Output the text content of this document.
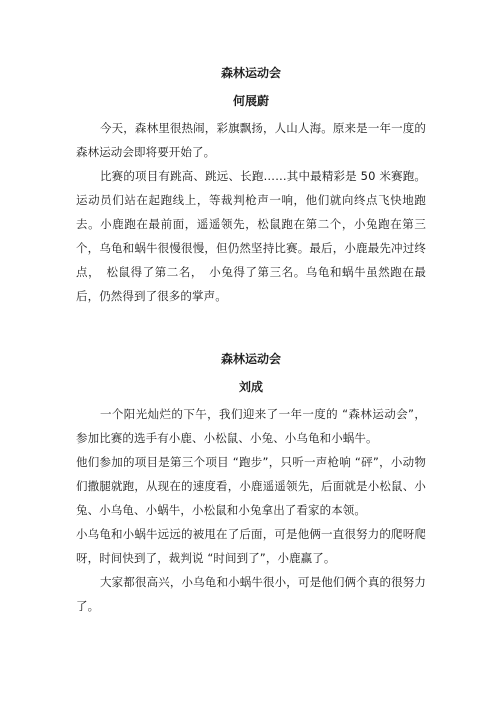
森林运动会
何展蔚

今天，森林里很热闹，彩旗飘扬，人山人海。原来是一年一度的森林运动会即将要开始了。

比赛的项目有跳高、跳远、长跑……其中最精彩是 50 米赛跑。运动员们站在起跑线上，等裁判枪声一响，他们就向终点飞快地跑去。小鹿跑在最前面，遥遥领先，松鼠跑在第二个，小兔跑在第三个，乌龟和蜗牛很慢很慢，但仍然坚持比赛。最后，小鹿最先冲过终点，　松鼠得了第二名，　小兔得了第三名。乌龟和蜗牛虽然跑在最后，仍然得到了很多的掌声。

森林运动会
刘成

一个阳光灿烂的下午，我们迎来了一年一度的 “森林运动会”，参加比赛的选手有小鹿、小松鼠、小兔、小乌龟和小蜗牛。

他们参加的项目是第三个项目 “跑步”，只听一声枪响 “砰”，小动物们撒腿就跑，从现在的速度看，小鹿遥遥领先，后面就是小松鼠、小兔、小乌龟、小蜗牛，小松鼠和小兔拿出了看家的本领。

小乌龟和小蜗牛远远的被甩在了后面，可是他俩一直很努力的爬呀爬呀，时间快到了，裁判说 “时间到了”，小鹿赢了。

大家都很高兴，小乌龟和小蜗牛很小，可是他们俩个真的很努力了。
